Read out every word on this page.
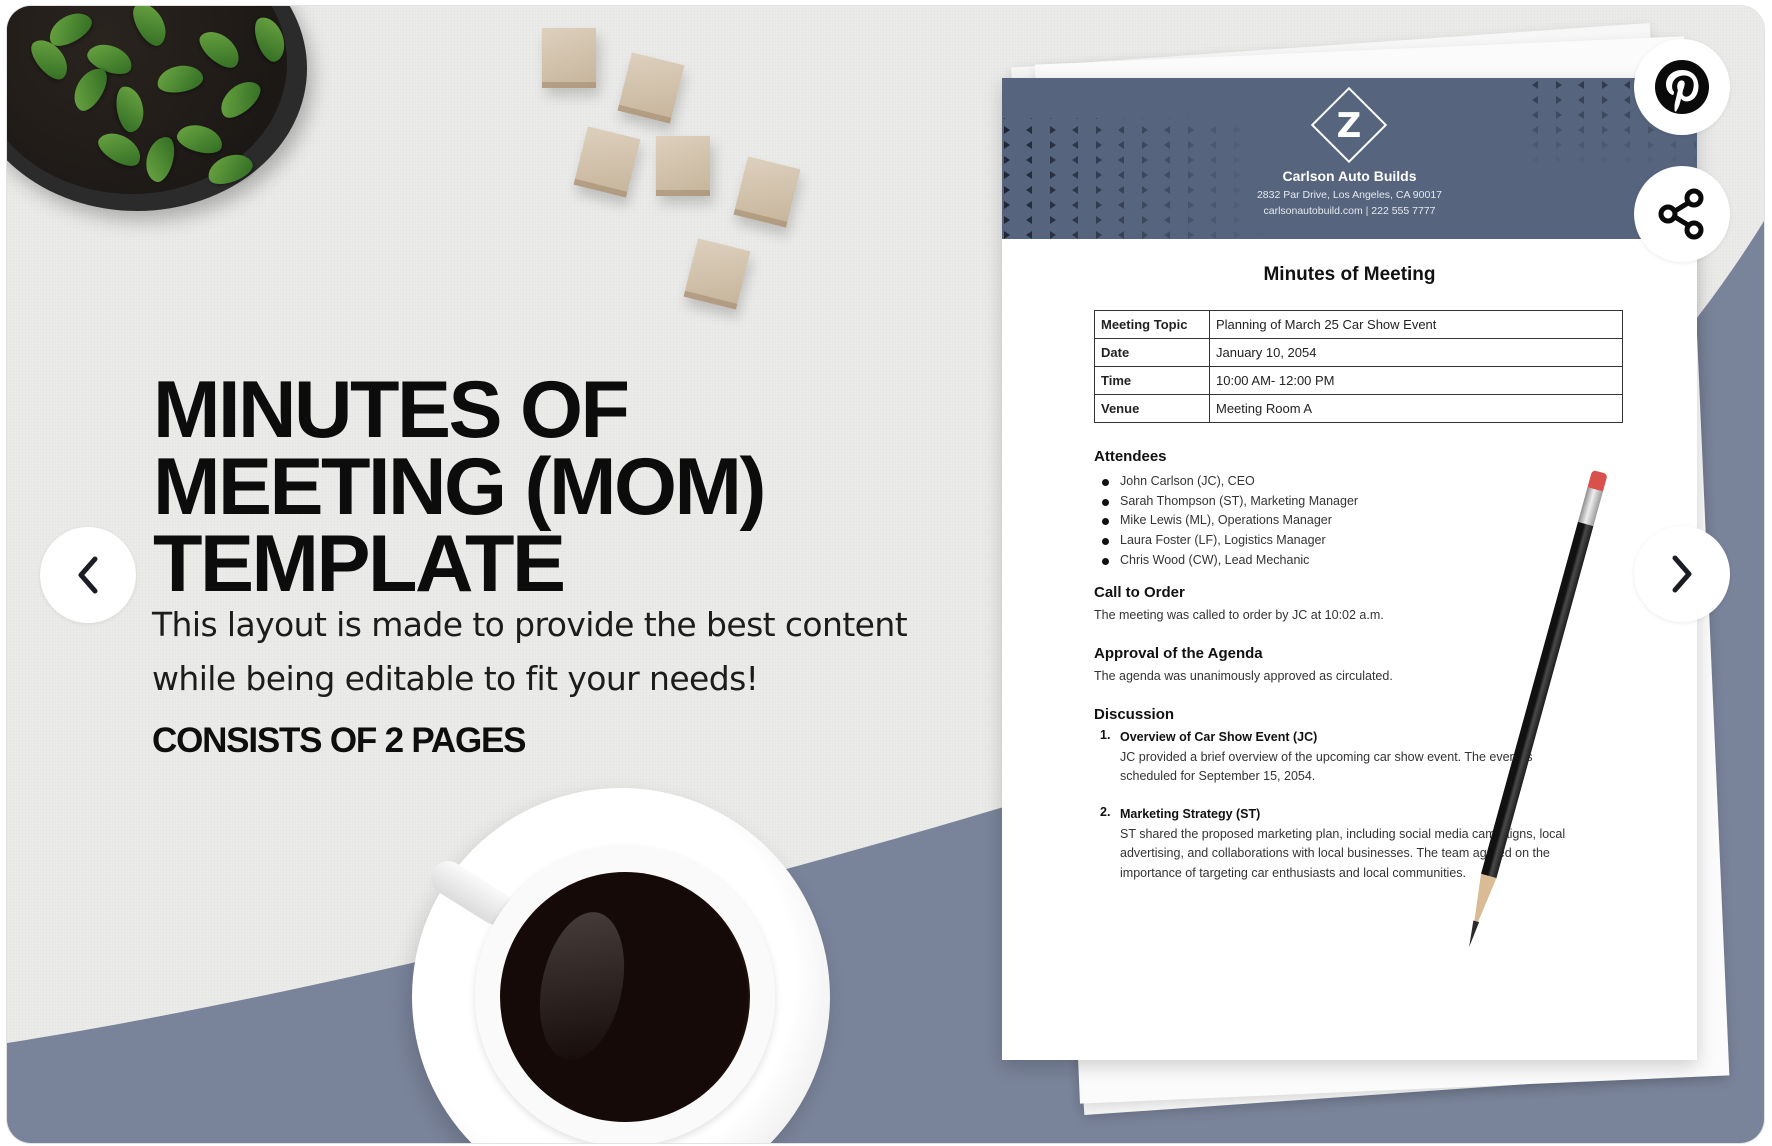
Z
Carlson Auto Builds
2832 Par Drive, Los Angeles, CA 90017
carlsonautobuild.com | 222 555 7777
Minutes of Meeting
Meeting Topic	Planning of March 25 Car Show Event
Date	January 10, 2054
Time	10:00 AM- 12:00 PM
Venue	Meeting Room A
Attendees
John Carlson (JC), CEO
Sarah Thompson (ST), Marketing Manager
Mike Lewis (ML), Operations Manager
Laura Foster (LF), Logistics Manager
Chris Wood (CW), Lead Mechanic
Call to Order
The meeting was called to order by JC at 10:02 a.m.
Approval of the Agenda
The agenda was unanimously approved as circulated.
Discussion
1. Overview of Car Show Event (JC)
JC provided a brief overview of the upcoming car show event. The event is
scheduled for September 15, 2054.
2. Marketing Strategy (ST)
ST shared the proposed marketing plan, including social media campaigns, local
advertising, and collaborations with local businesses. The team agreed on the
importance of targeting car enthusiasts and local communities.
MINUTES OF
MEETING (MOM)
TEMPLATE
This layout is made to provide the best content
while being editable to fit your needs!
CONSISTS OF 2 PAGES
